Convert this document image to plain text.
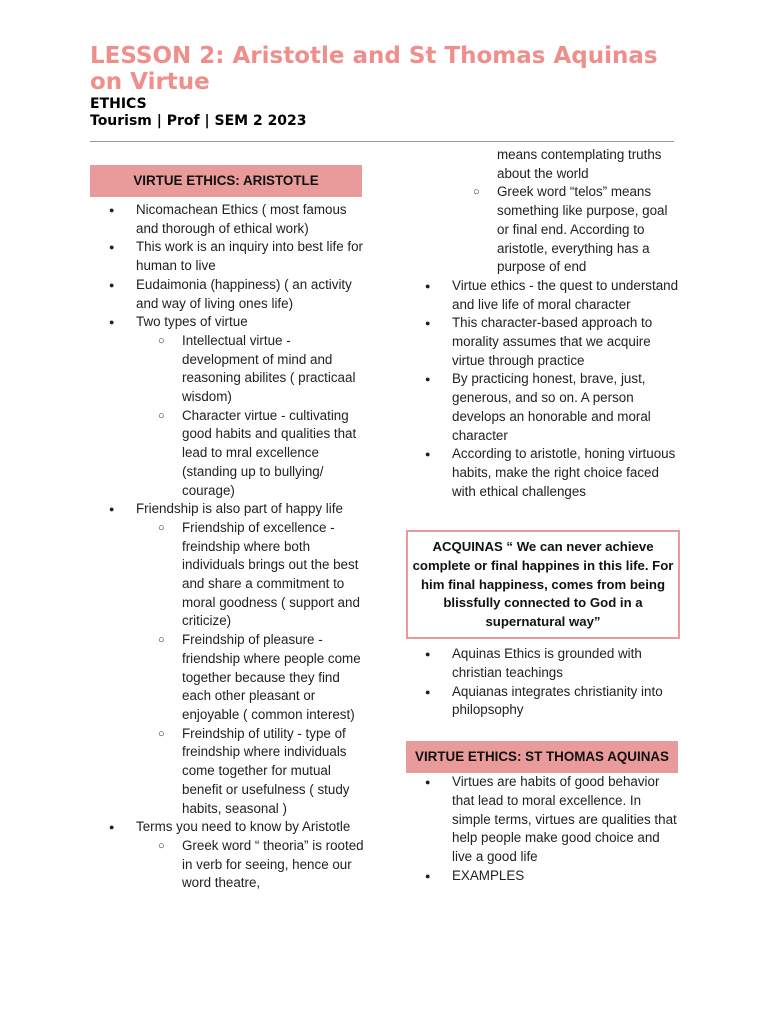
LESSON 2: Aristotle and St Thomas Aquinas on Virtue
ETHICS
Tourism | Prof | SEM 2 2023
VIRTUE ETHICS: ARISTOTLE
● Nicomachean Ethics ( most famous and thorough of ethical work)
● This work is an inquiry into best life for human to live
● Eudaimonia (happiness) ( an activity and way of living ones life)
● Two types of virtue
○ Intellectual virtue - development of mind and reasoning abilites ( practicaal wisdom)
○ Character virtue - cultivating good habits and qualities that lead to mral excellence (standing up to bullying/ courage)
● Friendship is also part of happy life
○ Friendship of excellence - freindship where both individuals brings out the best and share a commitment to moral goodness ( support and criticize)
○ Freindship of pleasure - friendship where people come together because they find each other pleasant or enjoyable ( common interest)
○ Freindship of utility - type of freindship where individuals come together for mutual benefit or usefulness ( study habits, seasonal )
● Terms you need to know by Aristotle
○ Greek word “ theoria” is rooted in verb for seeing, hence our word theatre,
means contemplating truths about the world
○ Greek word “telos” means something like purpose, goal or final end. According to aristotle, everything has a purpose of end
● Virtue ethics - the quest to understand and live life of moral character
● This character-based approach to morality assumes that we acquire virtue through practice
● By practicing honest, brave, just, generous, and so on. A person develops an honorable and moral character
● According to aristotle, honing virtuous habits, make the right choice faced with ethical challenges
ACQUINAS “ We can never achieve complete or final happines in this life. For him final happiness, comes from being blissfully connected to God in a supernatural way”
● Aquinas Ethics is grounded with christian teachings
● Aquianas integrates christianity into philopsophy
VIRTUE ETHICS: ST THOMAS AQUINAS
● Virtues are habits of good behavior that lead to moral excellence. In simple terms, virtues are qualities that help people make good choice and live a good life
● EXAMPLES
